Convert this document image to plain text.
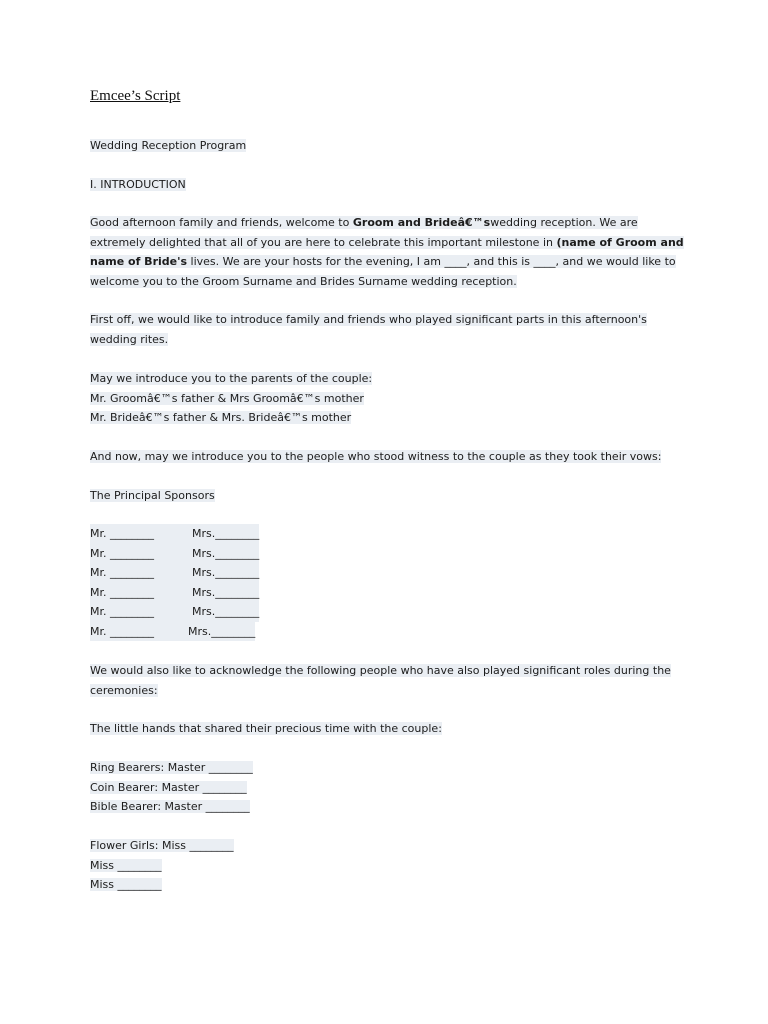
Emcee’s Script

Wedding Reception Program

I. INTRODUCTION

Good afternoon family and friends, welcome to Groom and Brideâ€™swedding reception. We are extremely delighted that all of you are here to celebrate this important milestone in (name of Groom and name of Bride's lives. We are your hosts for the evening, I am ____, and this is ____, and we would like to welcome you to the Groom Surname and Brides Surname wedding reception.

First off, we would like to introduce family and friends who played significant parts in this afternoon's wedding rites.

May we introduce you to the parents of the couple:
Mr. Groomâ€™s father & Mrs Groomâ€™s mother
Mr. Brideâ€™s father & Mrs. Brideâ€™s mother

And now, may we introduce you to the people who stood witness to the couple as they took their vows:

The Principal Sponsors

Mr. ________	Mrs.________
Mr. ________	Mrs.________
Mr. ________	Mrs.________
Mr. ________	Mrs.________
Mr. ________	Mrs.________
Mr. ________	Mrs.________

We would also like to acknowledge the following people who have also played significant roles during the ceremonies:

The little hands that shared their precious time with the couple:

Ring Bearers: Master ________
Coin Bearer: Master ________
Bible Bearer: Master ________
Flower Girls: Miss ________
Miss ________
Miss ________
